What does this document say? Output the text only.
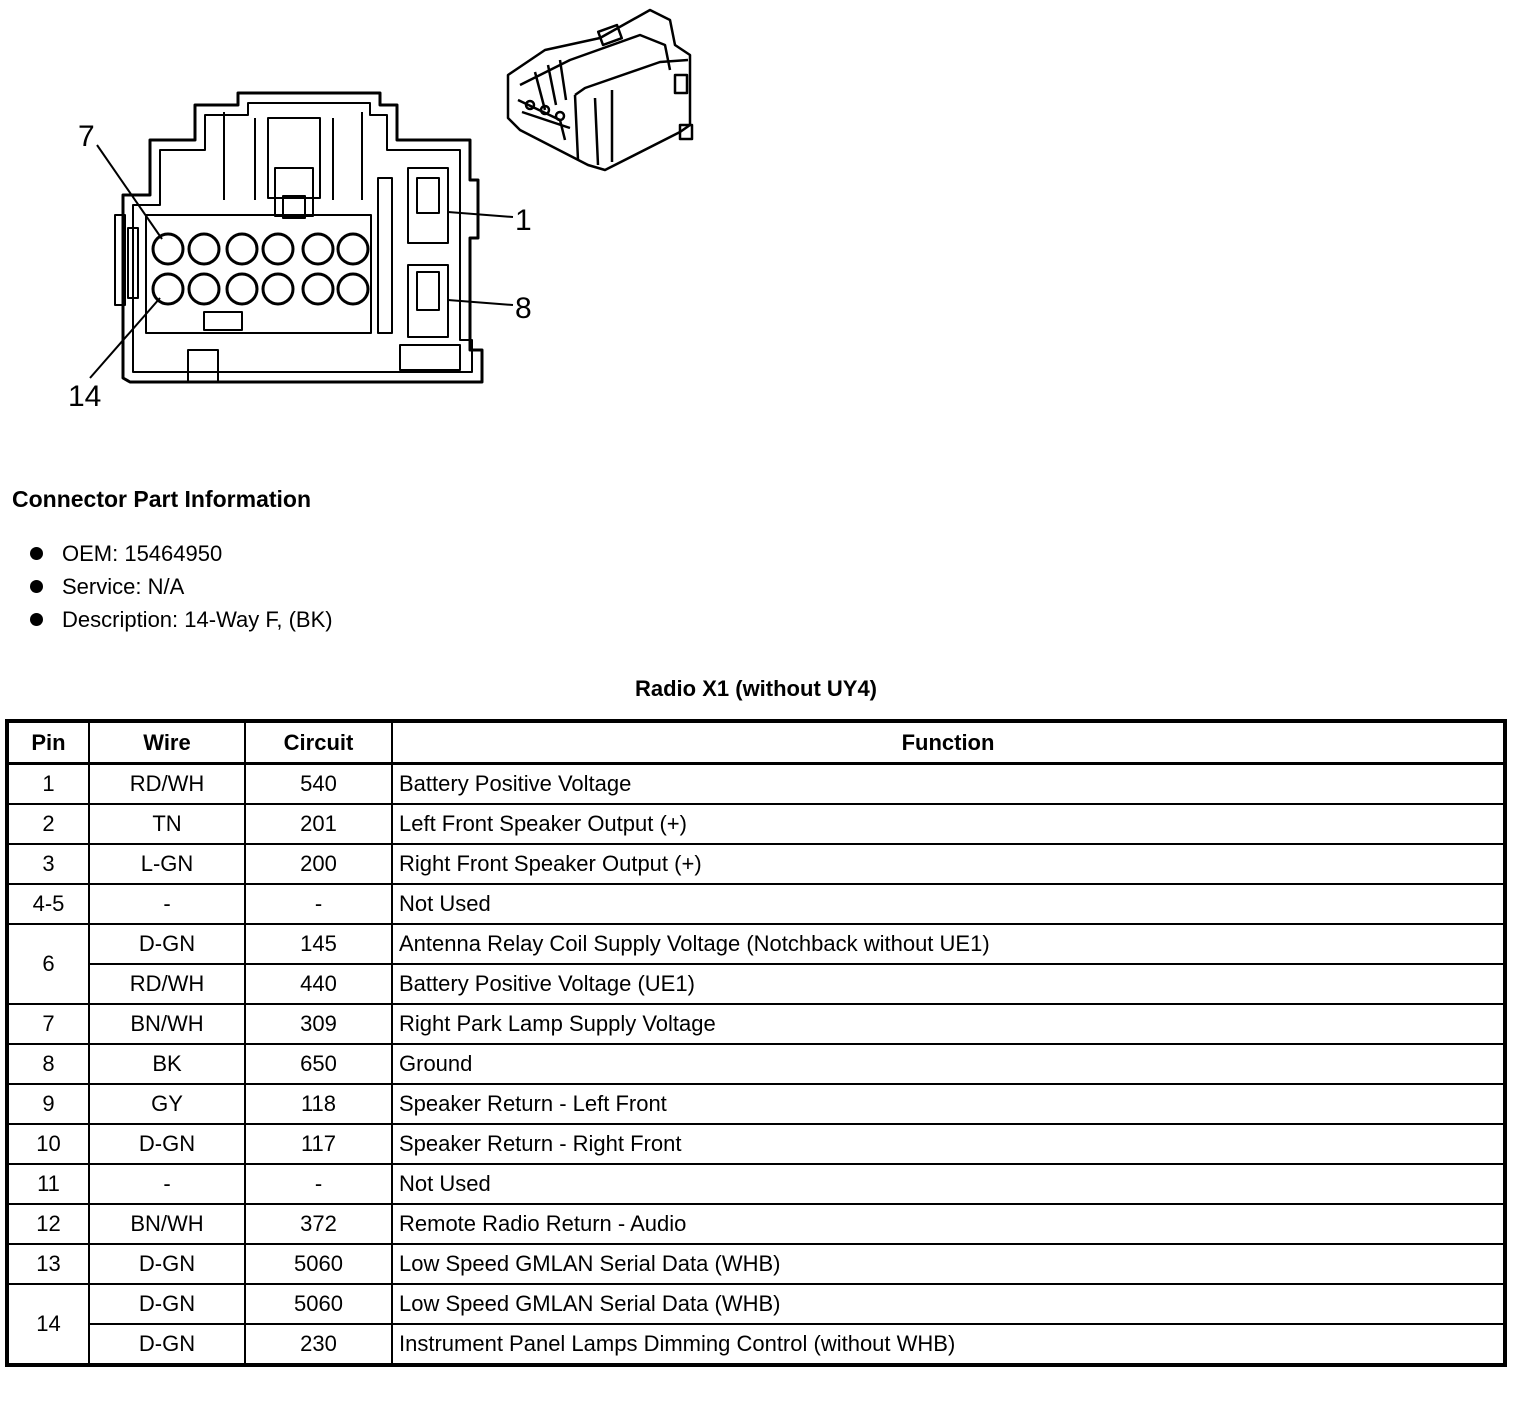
7
1
8
14
Connector Part Information
OEM: 15464950
Service: N/A
Description: 14-Way F, (BK)
Radio X1 (without UY4)
Pin	Wire	Circuit	Function
1	RD/WH	540	Battery Positive Voltage
2	TN	201	Left Front Speaker Output (+)
3	L-GN	200	Right Front Speaker Output (+)
4-5	-	-	Not Used
6	D-GN	145	Antenna Relay Coil Supply Voltage (Notchback without UE1)
	RD/WH	440	Battery Positive Voltage (UE1)
7	BN/WH	309	Right Park Lamp Supply Voltage
8	BK	650	Ground
9	GY	118	Speaker Return - Left Front
10	D-GN	117	Speaker Return - Right Front
11	-	-	Not Used
12	BN/WH	372	Remote Radio Return - Audio
13	D-GN	5060	Low Speed GMLAN Serial Data (WHB)
14	D-GN	5060	Low Speed GMLAN Serial Data (WHB)
	D-GN	230	Instrument Panel Lamps Dimming Control (without WHB)
